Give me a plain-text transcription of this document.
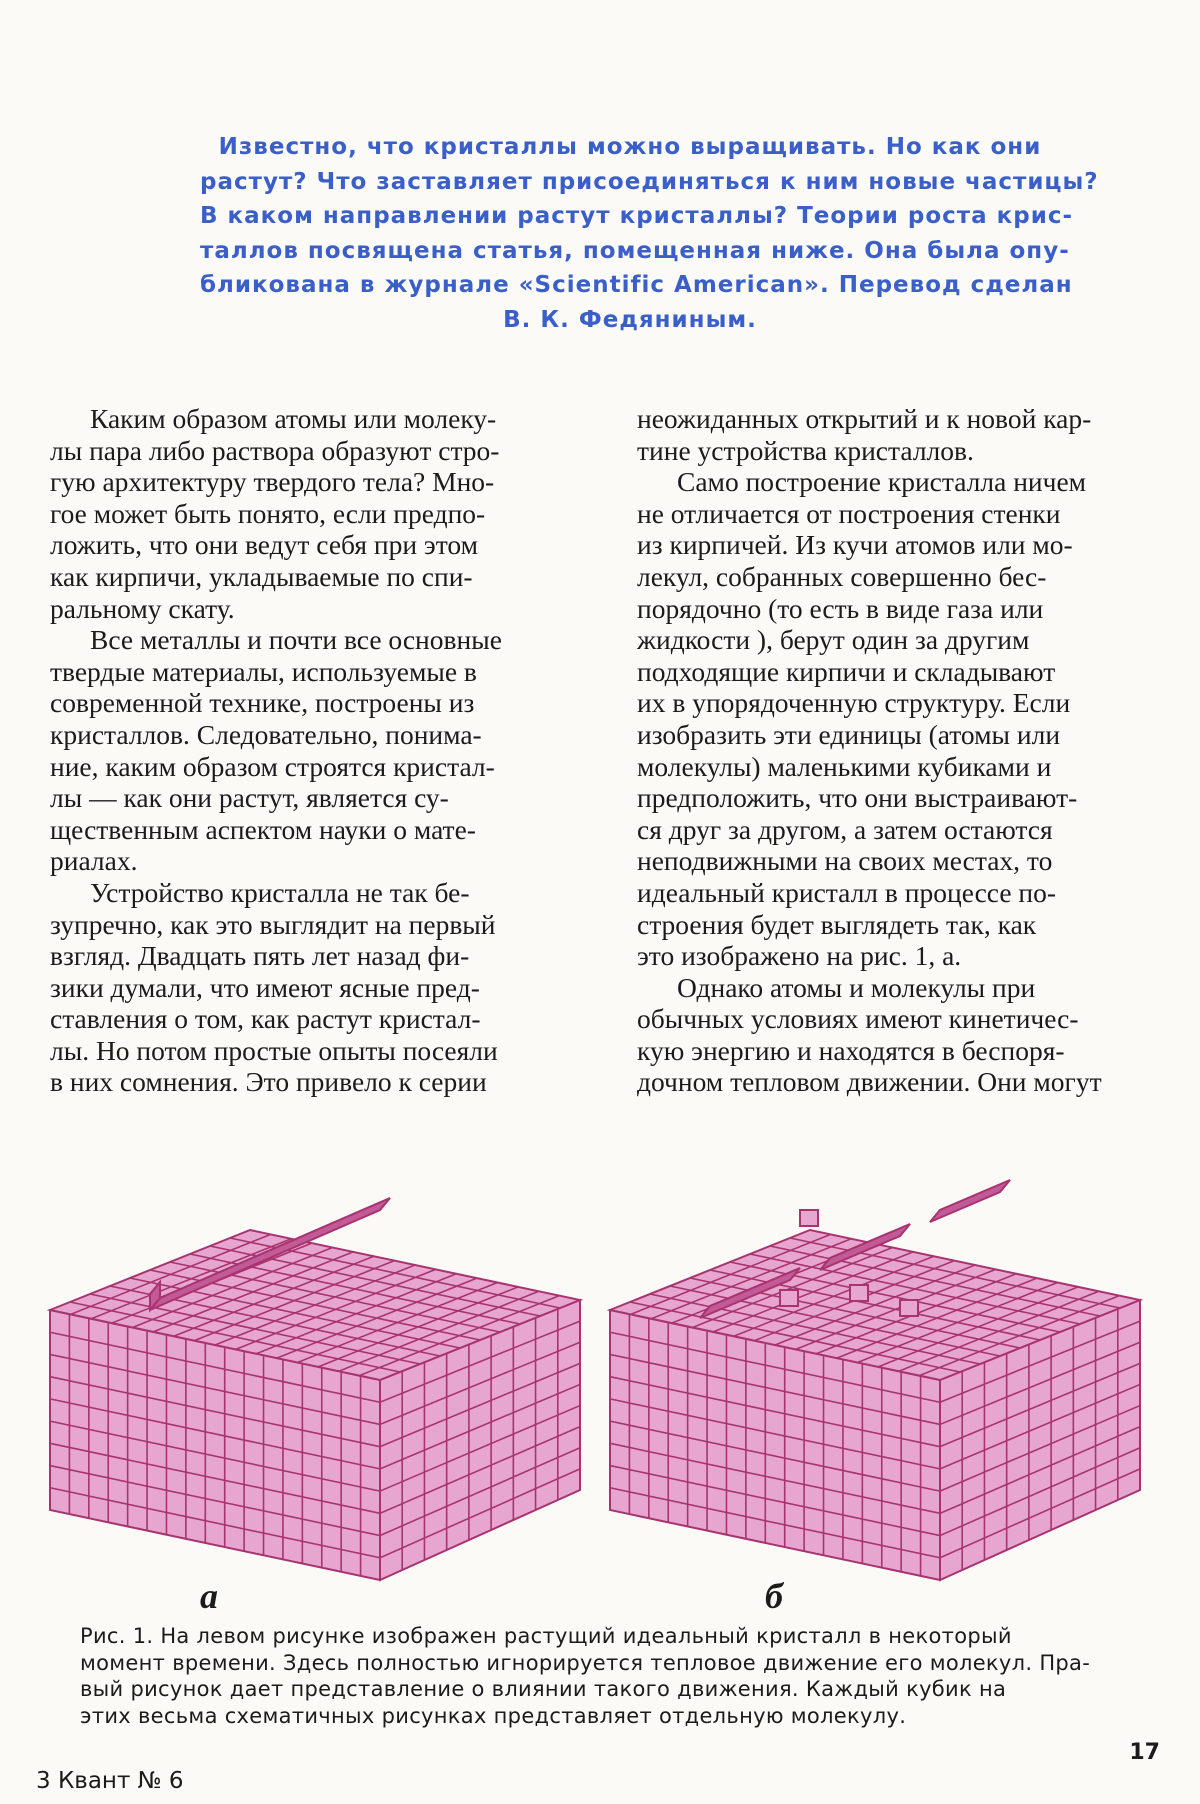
Известно, что кристаллы можно выращивать. Но как они
растут? Что заставляет присоединяться к ним новые частицы?
В каком направлении растут кристаллы? Теории роста крис-
таллов посвящена статья, помещенная ниже. Она была опу-
бликована в журнале «Scientific American». Перевод сделан
В. К. Федяниным.

Каким образом атомы или молеку-
лы пара либо раствора образуют стро-
гую архитектуру твердого тела? Мно-
гое может быть понято, если предпо-
ложить, что они ведут себя при этом
как кирпичи, укладываемые по спи-
ральному скату.

Все металлы и почти все основные
твердые материалы, используемые в
современной технике, построены из
кристаллов. Следовательно, понима-
ние, каким образом строятся кристал-
лы — как они растут, является су-
щественным аспектом науки о мате-
риалах.

Устройство кристалла не так бе-
зупречно, как это выглядит на первый
взгляд. Двадцать пять лет назад фи-
зики думали, что имеют ясные пред-
ставления о том, как растут кристал-
лы. Но потом простые опыты посеяли
в них сомнения. Это привело к серии

неожиданных открытий и к новой кар-
тине устройства кристаллов.

Само построение кристалла ничем
не отличается от построения стенки
из кирпичей. Из кучи атомов или мо-
лекул, собранных совершенно бес-
порядочно (то есть в виде газа или
жидкости ), берут один за другим
подходящие кирпичи и складывают
их в упорядоченную структуру. Если
изобразить эти единицы (атомы или
молекулы) маленькими кубиками и
предположить, что они выстраивают-
ся друг за другом, а затем остаются
неподвижными на своих местах, то
идеальный кристалл в процессе по-
строения будет выглядеть так, как
это изображено на рис. 1, а.

Однако атомы и молекулы при
обычных условиях имеют кинетичес-
кую энергию и находятся в беспоря-
дочном тепловом движении. Они могут

а	б
Рис. 1. На левом рисунке изображен растущий идеальный кристалл в некоторый
момент времени. Здесь полностью игнорируется тепловое движение его молекул. Пра-
вый рисунок дает представление о влиянии такого движения. Каждый кубик на
этих весьма схематичных рисунках представляет отдельную молекулу.
3 Квант № 6
17
